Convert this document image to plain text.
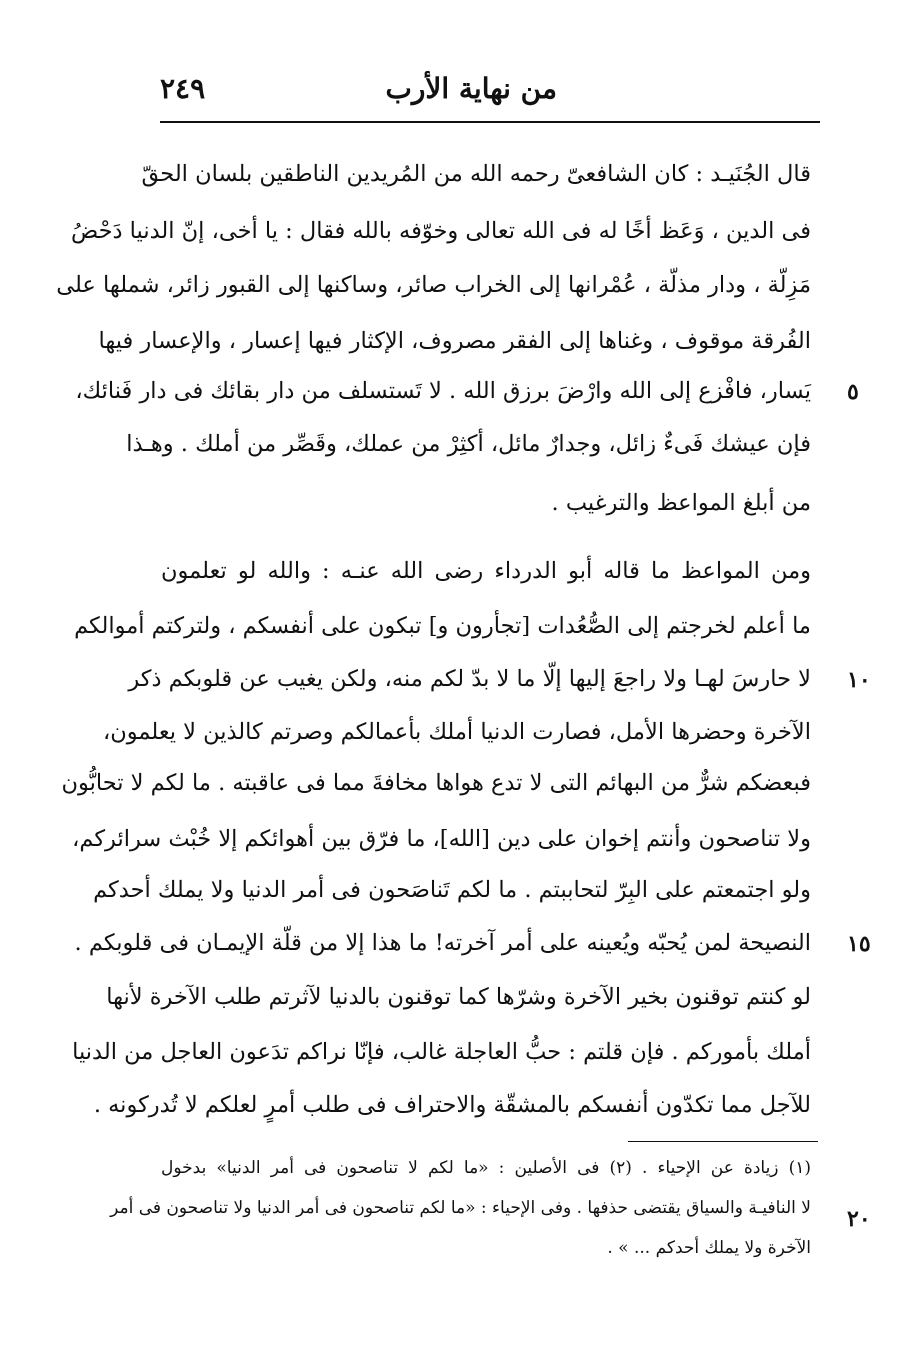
٢٤٩	من نهاية الأرب
قال الجُنَيـد : كان الشافعىّ رحمه الله من المُريدين الناطقين بلسان الحقّ
فى الدين ، وَعَظ أخًا له فى الله تعالى وخوّفه بالله فقال : يا أخى، إنّ الدنيا دَحْضُ
مَزِلّة ، ودار مذلّة ، عُمْرانها إلى الخراب صائر، وساكنها إلى القبور زائر، شملها على
الفُرقة موقوف ، وغناها إلى الفقر مصروف، الإكثار فيها إعسار ، والإعسار فيها
يَسار، فافْزع إلى الله وارْضَ برزق الله . لا تَستسلف من دار بقائك فى دار فَنائك،
فإن عيشك فَىءٌ زائل، وجدارٌ مائل، أكثِرْ من عملك، وقَصِّر من أملك . وهـذا
من أبلغ المواعظ والترغيب .
ومن المواعظ ما قاله أبو الدرداء رضى الله عنـه : والله لو تعلمون
ما أعلم لخرجتم إلى الصُّعُدات [تجأرون و] تبكون على أنفسكم ، ولتركتم أموالكم
لا حارسَ لهـا ولا راجعَ إليها إلّا ما لا بدّ لكم منه، ولكن يغيب عن قلوبكم ذكر
الآخرة وحضرها الأمل، فصارت الدنيا أملك بأعمالكم وصرتم كالذين لا يعلمون،
فبعضكم شرٌّ من البهائم التى لا تدع هواها مخافةَ مما فى عاقبته . ما لكم لا تحابُّون
ولا تناصحون وأنتم إخوان على دين [الله]، ما فرّق بين أهوائكم إلا خُبْث سرائركم،
ولو اجتمعتم على البِرّ لتحاببتم . ما لكم تَناصَحون فى أمر الدنيا ولا يملك أحدكم
النصيحة لمن يُحبّه ويُعينه على أمر آخرته! ما هذا إلا من قلّة الإيمـان فى قلوبكم .
لو كنتم توقنون بخير الآخرة وشرّها كما توقنون بالدنيا لآثرتم طلب الآخرة لأنها
أملك بأموركم . فإن قلتم : حبُّ العاجلة غالب، فإنّا نراكم تدَعون العاجل من الدنيا
للآجل مما تكدّون أنفسكم بالمشقّة والاحتراف فى طلب أمرٍ لعلكم لا تُدركونه .
٥
١٠
١٥
٢٠
(١) زيادة عن الإحياء . (٢) فى الأصلين : «ما لكم لا تناصحون فى أمر الدنيا» بدخول
لا النافيـة والسياق يقتضى حذفها . وفى الإحياء : «ما لكم تناصحون فى أمر الدنيا ولا تناصحون فى أمر
الآخرة ولا يملك أحدكم ... » .
